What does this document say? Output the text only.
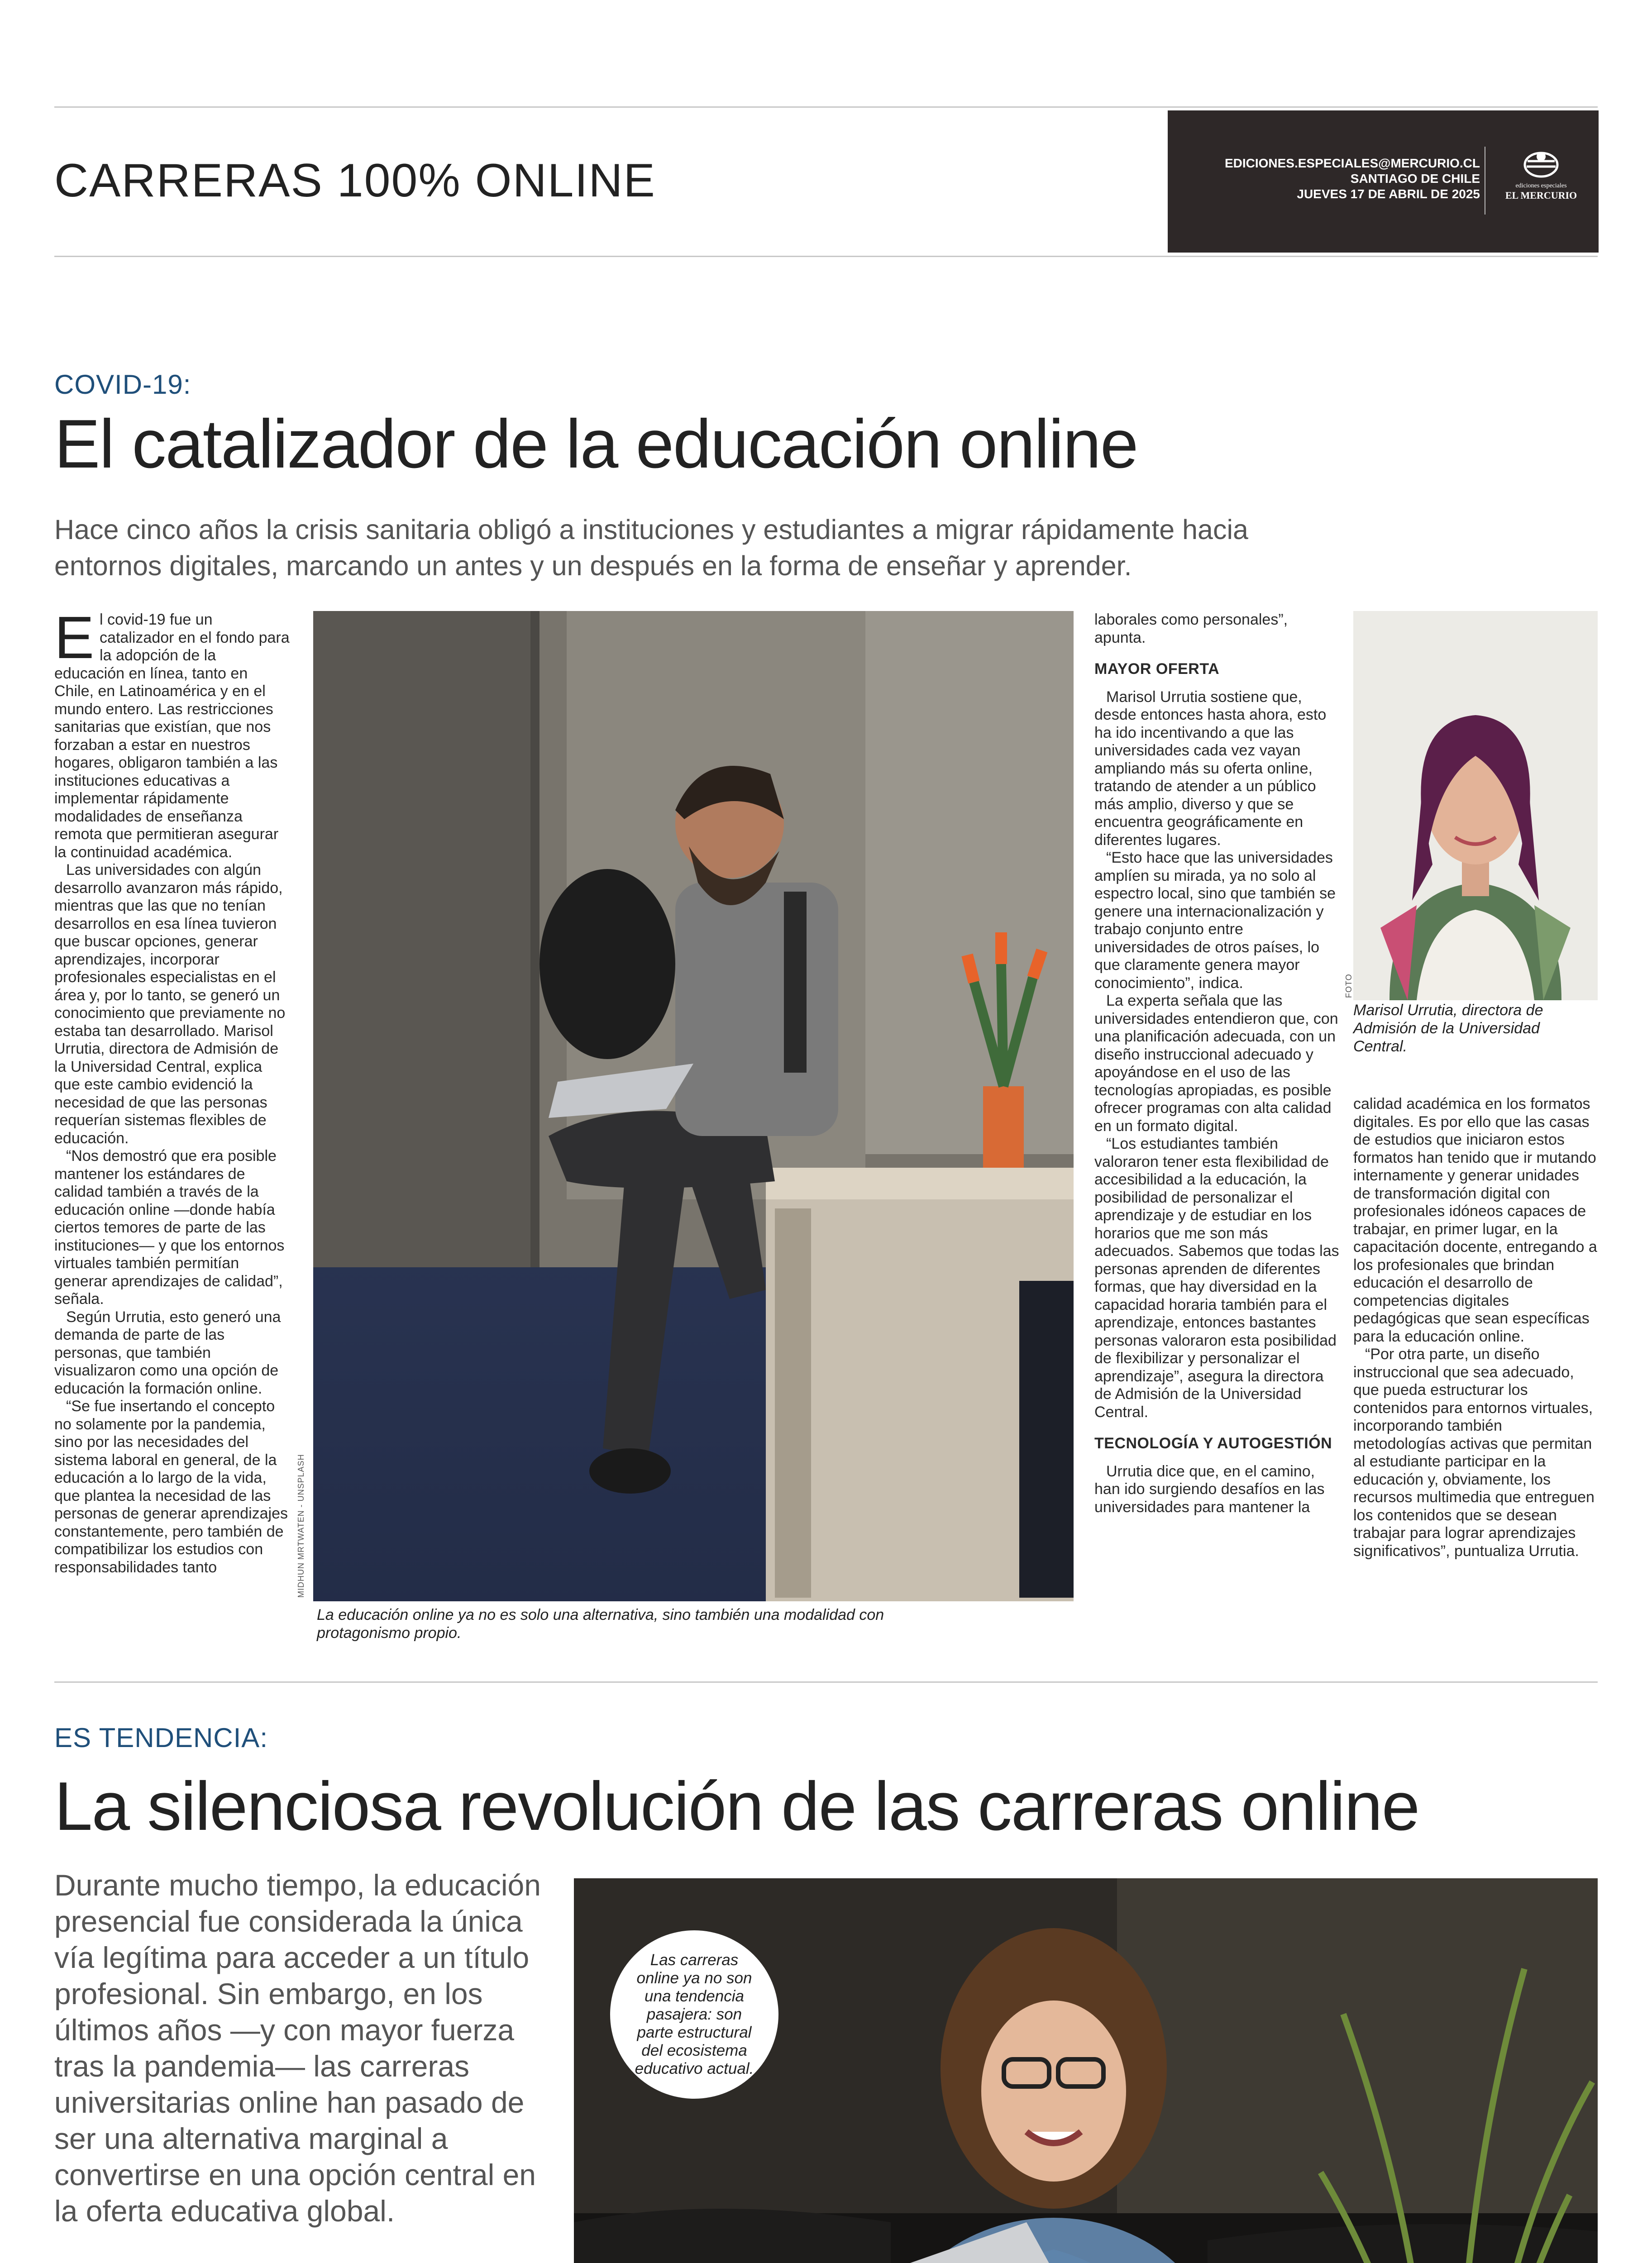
CARRERAS 100% ONLINE	EDICIONES.ESPECIALES@MERCURIO.CL
SANTIAGO DE CHILE
JUEVES 17 DE ABRIL DE 2025
ediciones especiales
EL MERCURIO
COVID-19:
El catalizador de la educación online
Hace cinco años la crisis sanitaria obligó a instituciones y estudiantes a migrar rápidamente hacia entornos digitales, marcando un antes y un después en la forma de enseñar y aprender.
E l covid-19 fue un catalizador en el fondo para la adopción de la educación en línea, tanto en Chile, en Latinoamérica y en el mundo entero. Las restricciones sanitarias que existían, que nos forzaban a estar en nuestros hogares, obligaron también a las instituciones educativas a implementar rápidamente modalidades de enseñanza remota que permitieran asegurar la continuidad académica.

Las universidades con algún desarrollo avanzaron más rápido, mientras que las que no tenían desarrollos en esa línea tuvieron que buscar opciones, generar aprendizajes, incorporar profesionales especialistas en el área y, por lo tanto, se generó un conocimiento que previamente no estaba tan desarrollado. Marisol Urrutia, directora de Admisión de la Universidad Central, explica que este cambio evidenció la necesidad de que las personas requerían sistemas flexibles de educación.

“Nos demostró que era posible mantener los estándares de calidad también a través de la educación online —donde había ciertos temores de parte de las instituciones— y que los entornos virtuales también permitían generar aprendizajes de calidad”, señala.

Según Urrutia, esto generó una demanda de parte de las personas, que también visualizaron como una opción de educación la formación online.

“Se fue insertando el concepto no solamente por la pandemia, sino por las necesidades del sistema laboral en general, de la educación a lo largo de la vida, que plantea la necesidad de las personas de generar aprendizajes constantemente, pero también de compatibilizar los estudios con responsabilidades tanto	MIDHUN MRTWATEN - UNSPLASH
La educación online ya no es solo una alternativa, sino también una modalidad con protagonismo propio.

laborales como personales”, apunta.

MAYOR OFERTA

Marisol Urrutia sostiene que, desde entonces hasta ahora, esto ha ido incentivando a que las universidades cada vez vayan ampliando más su oferta online, tratando de atender a un público más amplio, diverso y que se encuentra geográficamente en diferentes lugares.

“Esto hace que las universidades amplíen su mirada, ya no solo al espectro local, sino que también se genere una internacionalización y trabajo conjunto entre universidades de otros países, lo que claramente genera mayor conocimiento”, indica.

La experta señala que las universidades entendieron que, con una planificación adecuada, con un diseño instruccional adecuado y apoyándose en el uso de las tecnologías apropiadas, es posible ofrecer programas con alta calidad en un formato digital.

“Los estudiantes también valoraron tener esta flexibilidad de accesibilidad a la educación, la posibilidad de personalizar el aprendizaje y de estudiar en los horarios que me son más adecuados. Sabemos que todas las personas aprenden de diferentes formas, que hay diversidad en la capacidad horaria también para el aprendizaje, entonces bastantes personas valoraron esta posibilidad de flexibilizar y personalizar el aprendizaje”, asegura la directora de Admisión de la Universidad Central.

TECNOLOGÍA Y AUTOGESTIÓN

Urrutia dice que, en el camino, han ido surgiendo desafíos en las universidades para mantener la

FOTO
Marisol Urrutia, directora de Admisión de la Universidad Central.

calidad académica en los formatos digitales. Es por ello que las casas de estudios que iniciaron estos formatos han tenido que ir mutando internamente y generar unidades de transformación digital con profesionales idóneos capaces de trabajar, en primer lugar, en la capacitación docente, entregando a los profesionales que brindan educación el desarrollo de competencias digitales pedagógicas que sean específicas para la educación online.

“Por otra parte, un diseño instruccional que sea adecuado, que pueda estructurar los contenidos para entornos virtuales, incorporando también metodologías activas que permitan al estudiante participar en la educación y, obviamente, los recursos multimedia que entreguen los contenidos que se desean trabajar para lograr aprendizajes significativos”, puntualiza Urrutia.

ES TENDENCIA:
La silenciosa revolución de las carreras online
Durante mucho tiempo, la educación presencial fue considerada la única vía legítima para acceder a un título profesional. Sin embargo, en los últimos años —y con mayor fuerza tras la pandemia— las carreras universitarias online han pasado de ser una alternativa marginal a convertirse en una opción central en la oferta educativa global.
Las carreras online ya no son una tendencia pasajera: son parte estructural del ecosistema educativo actual.
